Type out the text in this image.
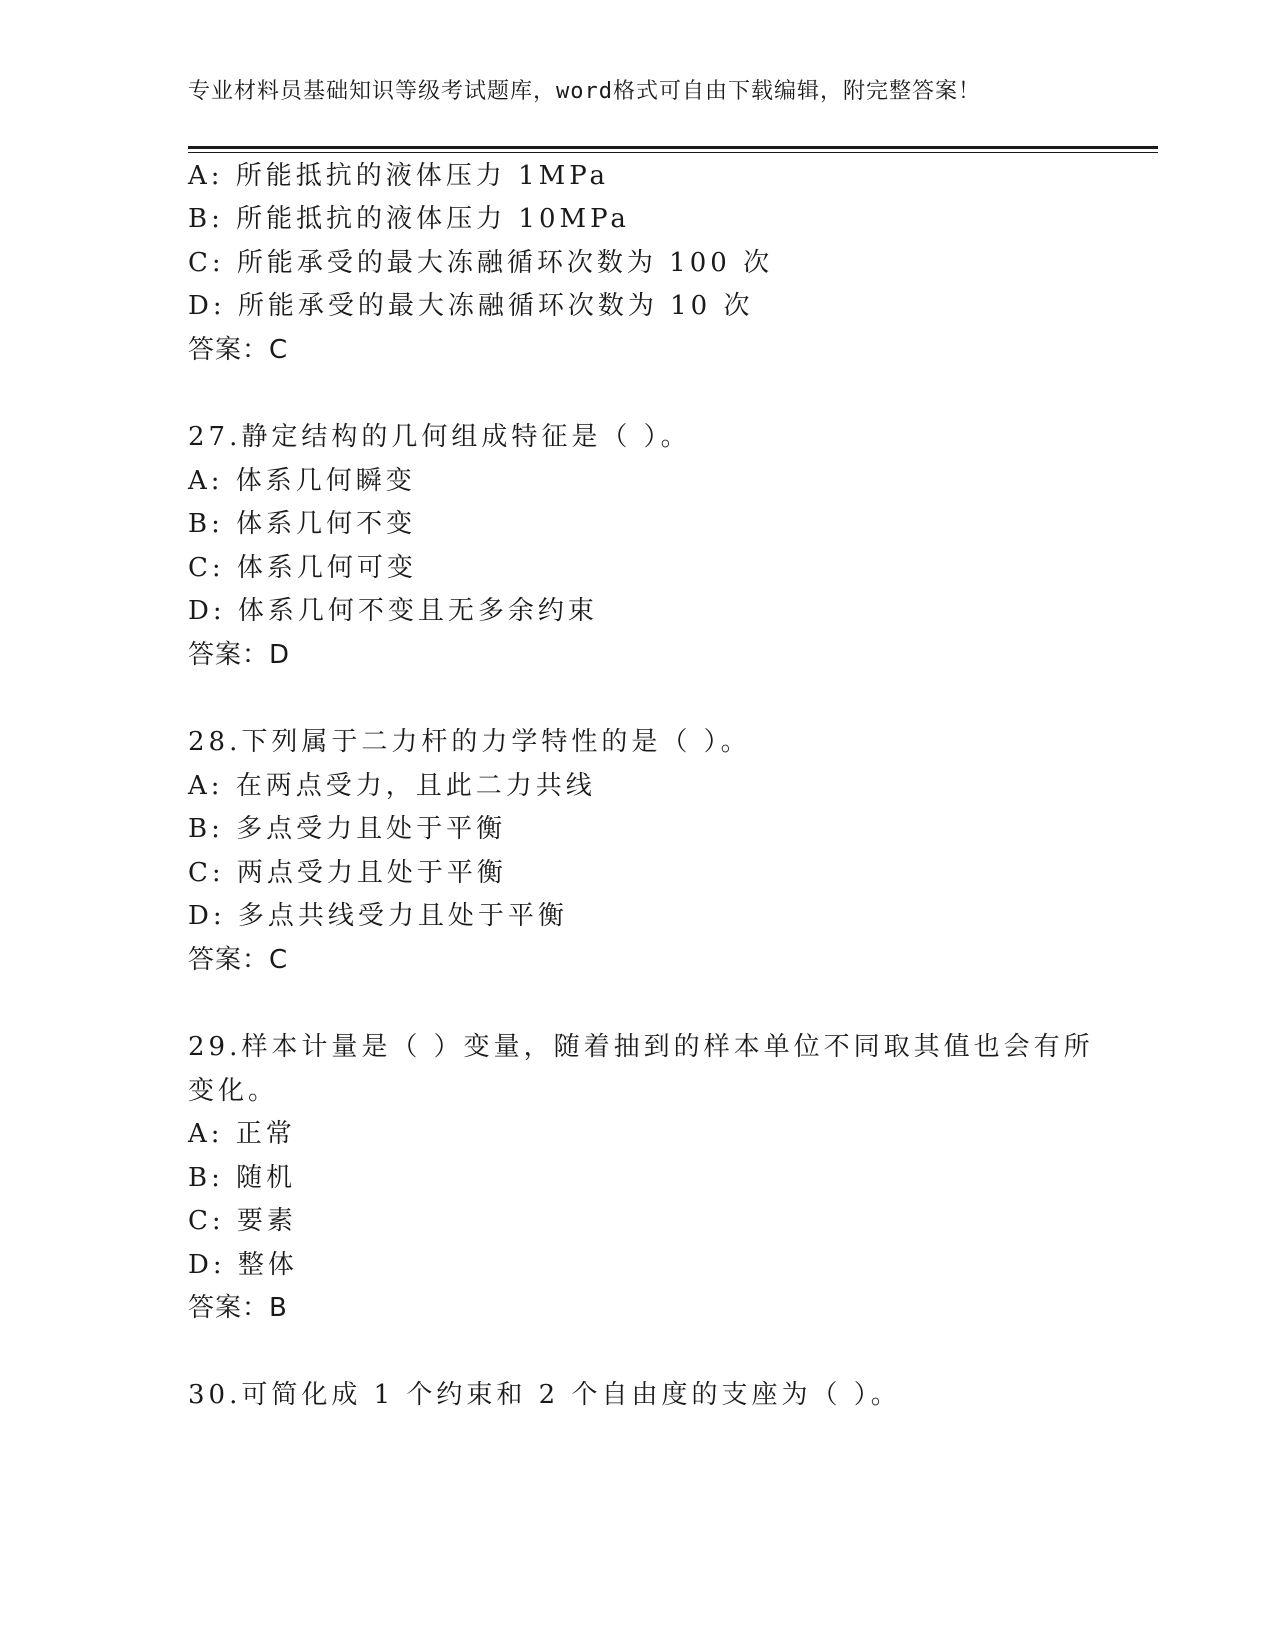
专业材料员基础知识等级考试题库，word格式可自由下载编辑，附完整答案！
A: 所能抵抗的液体压力 1MPa
B: 所能抵抗的液体压力 10MPa
C: 所能承受的最大冻融循环次数为 100 次
D: 所能承受的最大冻融循环次数为 10 次
答案：C
27.静定结构的几何组成特征是（ ）。
A: 体系几何瞬变
B: 体系几何不变
C: 体系几何可变
D: 体系几何不变且无多余约束
答案：D
28.下列属于二力杆的力学特性的是（ ）。
A: 在两点受力，且此二力共线
B: 多点受力且处于平衡
C: 两点受力且处于平衡
D: 多点共线受力且处于平衡
答案：C
29.样本计量是（ ）变量，随着抽到的样本单位不同取其值也会有所
变化。
A: 正常
B: 随机
C: 要素
D: 整体
答案：B
30.可简化成 1 个约束和 2 个自由度的支座为（ ）。
